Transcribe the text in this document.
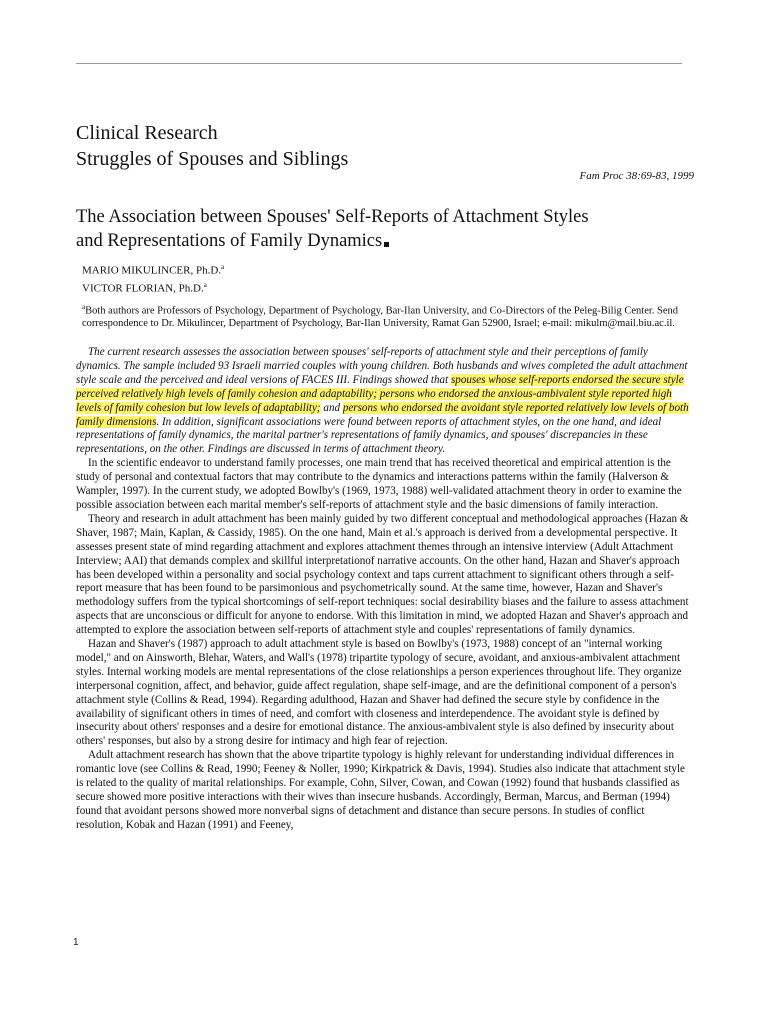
Clinical Research
Struggles of Spouses and Siblings
Fam Proc 38:69-83, 1999
The Association between Spouses' Self-Reports of Attachment Styles
and Representations of Family Dynamics
MARIO MIKULINCER, Ph.D.$^a$
VICTOR FLORIAN, Ph.D.$^a$
$^a$Both authors are Professors of Psychology, Department of Psychology, Bar-Ilan University, and Co-Directors of the Peleg-Bilig Center. Send correspondence to Dr. Mikulincer, Department of Psychology, Bar-Ilan University, Ramat Gan 52900, Israel; e-mail: mikulm@mail.biu.ac.il.

The current research assesses the association between spouses' self-reports of attachment style and their perceptions of family dynamics. The sample included 93 Israeli married couples with young children. Both husbands and wives completed the adult attachment style scale and the perceived and ideal versions of FACES III. Findings showed that spouses whose self-reports endorsed the secure style perceived relatively high levels of family cohesion and adaptability; persons who endorsed the anxious-ambivalent style reported high levels of family cohesion but low levels of adaptability; and persons who endorsed the avoidant style reported relatively low levels of both family dimensions. In addition, significant associations were found between reports of attachment styles, on the one hand, and ideal representations of family dynamics, the marital partner's representations of family dynamics, and spouses' discrepancies in these representations, on the other. Findings are discussed in terms of attachment theory.

In the scientific endeavor to understand family processes, one main trend that has received theoretical and empirical attention is the study of personal and contextual factors that may contribute to the dynamics and interactions patterns within the family (Halverson & Wampler, 1997). In the current study, we adopted Bowlby's (1969, 1973, 1988) well-validated attachment theory in order to examine the possible association between each marital member's self-reports of attachment style and the basic dimensions of family interaction.

Theory and research in adult attachment has been mainly guided by two different conceptual and methodological approaches (Hazan & Shaver, 1987; Main, Kaplan, & Cassidy, 1985). On the one hand, Main et al.'s approach is derived from a developmental perspective. It assesses present state of mind regarding attachment and explores attachment themes through an intensive interview (Adult Attachment Interview; AAI) that demands complex and skillful interpretationof narrative accounts. On the other hand, Hazan and Shaver's approach has been developed within a personality and social psychology context and taps current attachment to significant others through a self-report measure that has been found to be parsimonious and psychometrically sound. At the same time, however, Hazan and Shaver's methodology suffers from the typical shortcomings of self-report techniques: social desirability biases and the failure to assess attachment aspects that are unconscious or difficult for anyone to endorse. With this limitation in mind, we adopted Hazan and Shaver's approach and attempted to explore the association between self-reports of attachment style and couples' representations of family dynamics.

Hazan and Shaver's (1987) approach to adult attachment style is based on Bowlby's (1973, 1988) concept of an "internal working model," and on Ainsworth, Blehar, Waters, and Wall's (1978) tripartite typology of secure, avoidant, and anxious-ambivalent attachment styles. Internal working models are mental representations of the close relationships a person experiences throughout life. They organize interpersonal cognition, affect, and behavior, guide affect regulation, shape self-image, and are the definitional component of a person's attachment style (Collins & Read, 1994). Regarding adulthood, Hazan and Shaver had defined the secure style by confidence in the availability of significant others in times of need, and comfort with closeness and interdependence. The avoidant style is defined by insecurity about others' responses and a desire for emotional distance. The anxious-ambivalent style is also defined by insecurity about others' responses, but also by a strong desire for intimacy and high fear of rejection.

Adult attachment research has shown that the above tripartite typology is highly relevant for understanding individual differences in romantic love (see Collins & Read, 1990; Feeney & Noller, 1990; Kirkpatrick & Davis, 1994). Studies also indicate that attachment style is related to the quality of marital relationships. For example, Cohn, Silver, Cowan, and Cowan (1992) found that husbands classified as secure showed more positive interactions with their wives than insecure husbands. Accordingly, Berman, Marcus, and Berman (1994) found that avoidant persons showed more nonverbal signs of detachment and distance than secure persons. In studies of conflict resolution, Kobak and Hazan (1991) and Feeney,

1
